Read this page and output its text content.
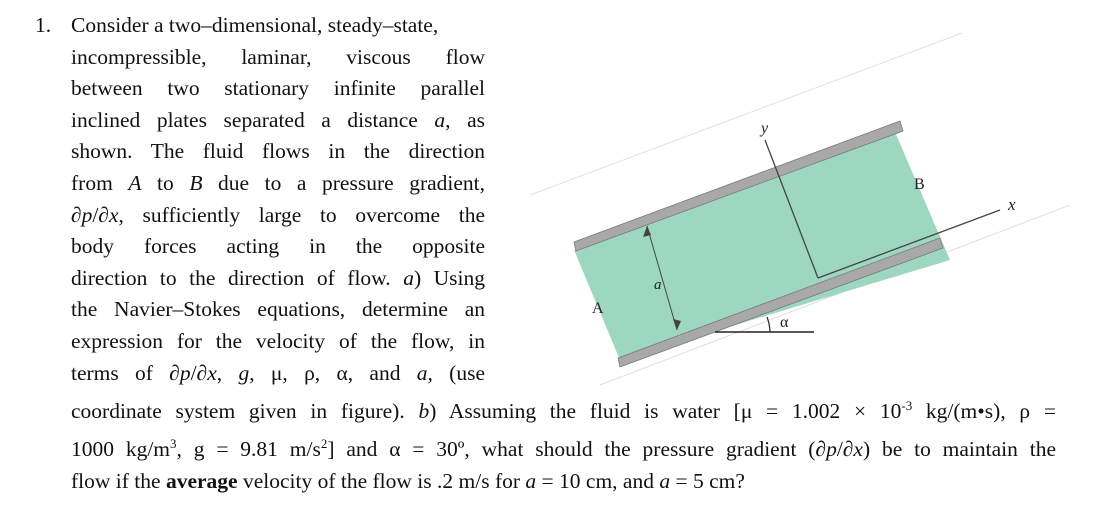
1. Consider a two–dimensional, steady–state,
incompressible, laminar, viscous flow
between two stationary infinite parallel
inclined plates separated a distance a, as
shown. The fluid flows in the direction
from A to B due to a pressure gradient,
∂p/∂x, sufficiently large to overcome the
body forces acting in the opposite
direction to the direction of flow. a) Using
the Navier–Stokes equations, determine an
expression for the velocity of the flow, in
terms of ∂p/∂x, g, μ, ρ, α, and a, (use
coordinate system given in figure). b) Assuming the fluid is water [$\mu = 1.002 \times 10^{-3}$ kg/(m•s), ρ =
1000 $kg/m^3$, g = 9.81 $m/s^2$] and α = 30º, what should the pressure gradient (∂p/∂x) be to maintain the
flow if the average velocity of the flow is .2 m/s for a = 10 cm, and a = 5 cm?
y
x
B
A
a
α
